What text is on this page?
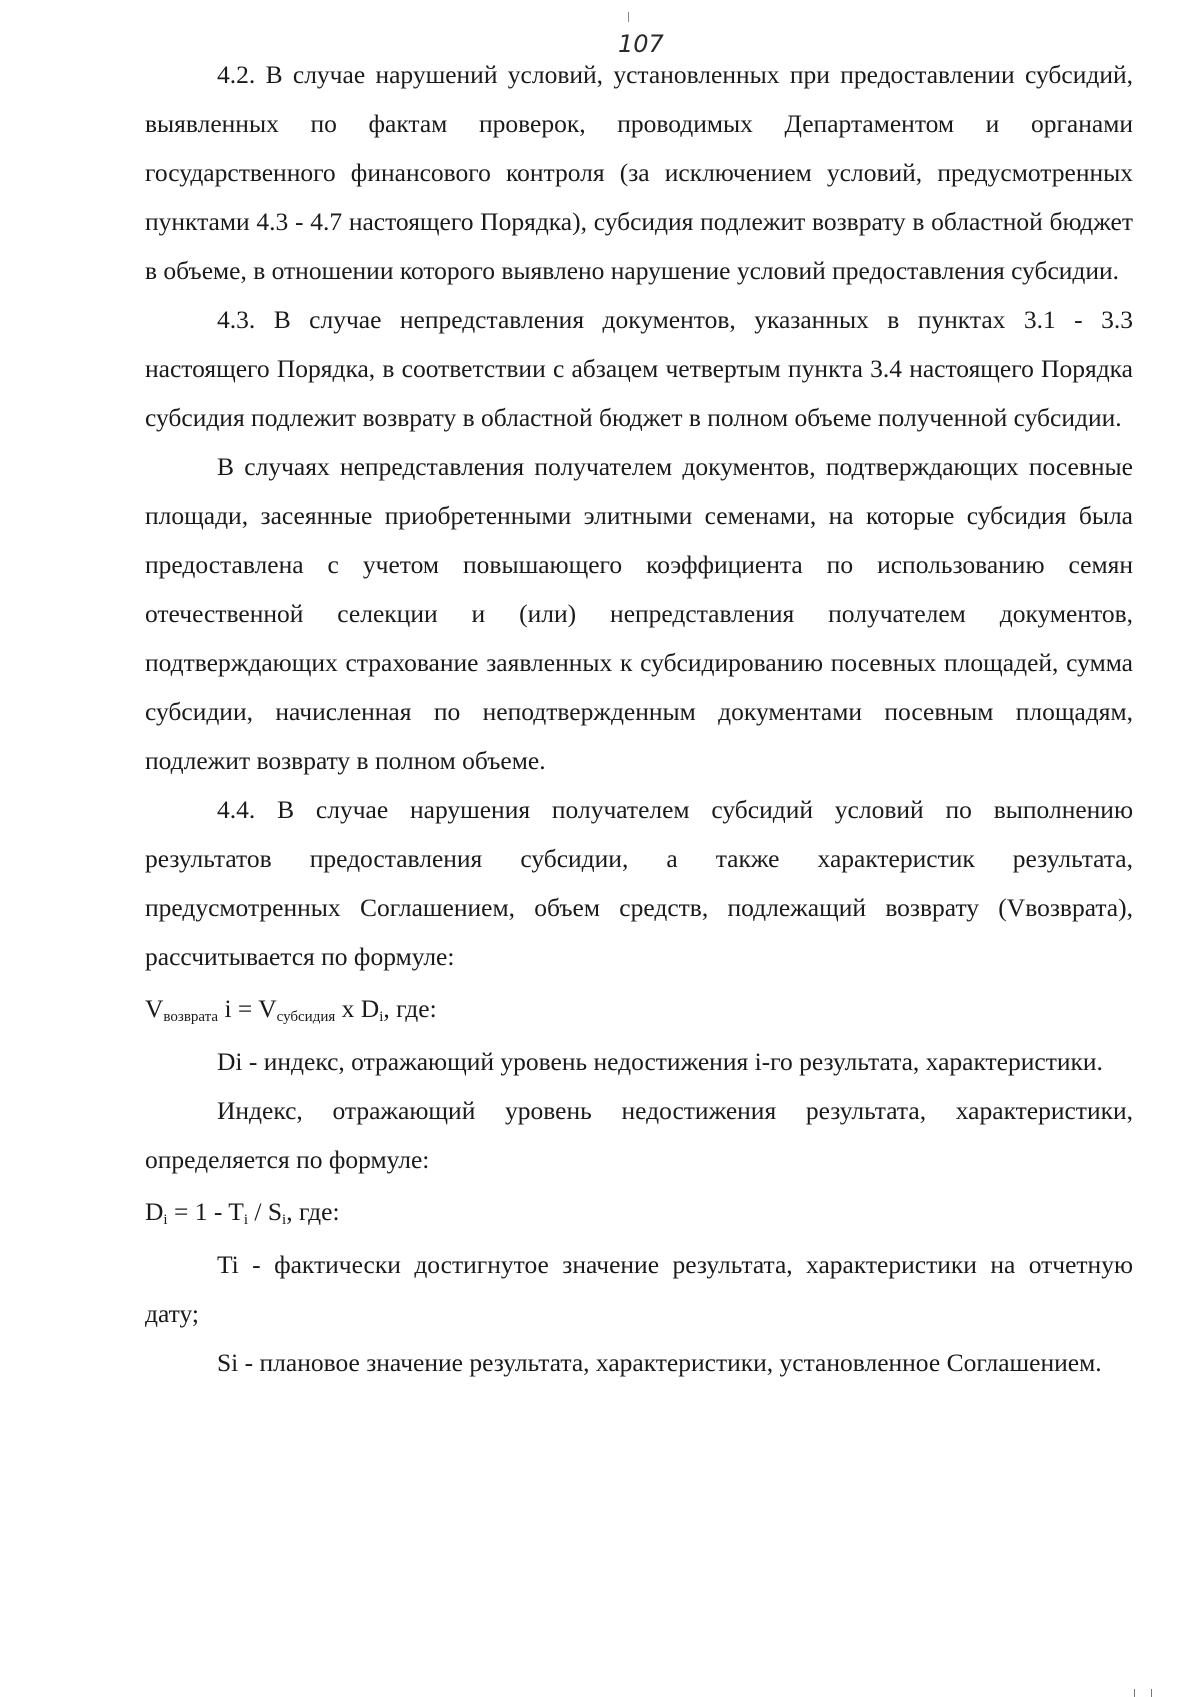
107

4.2. В случае нарушений условий, установленных при предоставлении субсидий, выявленных по фактам проверок, проводимых Департаментом и органами государственного финансового контроля (за исключением условий, предусмотренных пунктами 4.3 - 4.7 настоящего Порядка), субсидия подлежит возврату в областной бюджет в объеме, в отношении которого выявлено нарушение условий предоставления субсидии.

4.3. В случае непредставления документов, указанных в пунктах 3.1 - 3.3 настоящего Порядка, в соответствии с абзацем четвертым пункта 3.4 настоящего Порядка субсидия подлежит возврату в областной бюджет в полном объеме полученной субсидии.

В случаях непредставления получателем документов, подтверждающих посевные площади, засеянные приобретенными элитными семенами, на которые субсидия была предоставлена с учетом повышающего коэффициента по использованию семян отечественной селекции и (или) непредставления получателем документов, подтверждающих страхование заявленных к субсидированию посевных площадей, сумма субсидии, начисленная по неподтвержденным документами посевным площадям, подлежит возврату в полном объеме.

4.4. В случае нарушения получателем субсидий условий по выполнению результатов предоставления субсидии, а также характеристик результата, предусмотренных Соглашением, объем средств, подлежащий возврату (Vвозврата), рассчитывается по формуле:

$V_{возврата}$ $i = V_{субсидия}$ x $D_i$, где:

Di - индекс, отражающий уровень недостижения i-го результата, характеристики.

Индекс, отражающий уровень недостижения результата, характеристики, определяется по формуле:

$D_i = 1 - T_i / S_i$, где:

Ti - фактически достигнутое значение результата, характеристики на отчетную дату;

Si - плановое значение результата, характеристики, установленное Соглашением.
